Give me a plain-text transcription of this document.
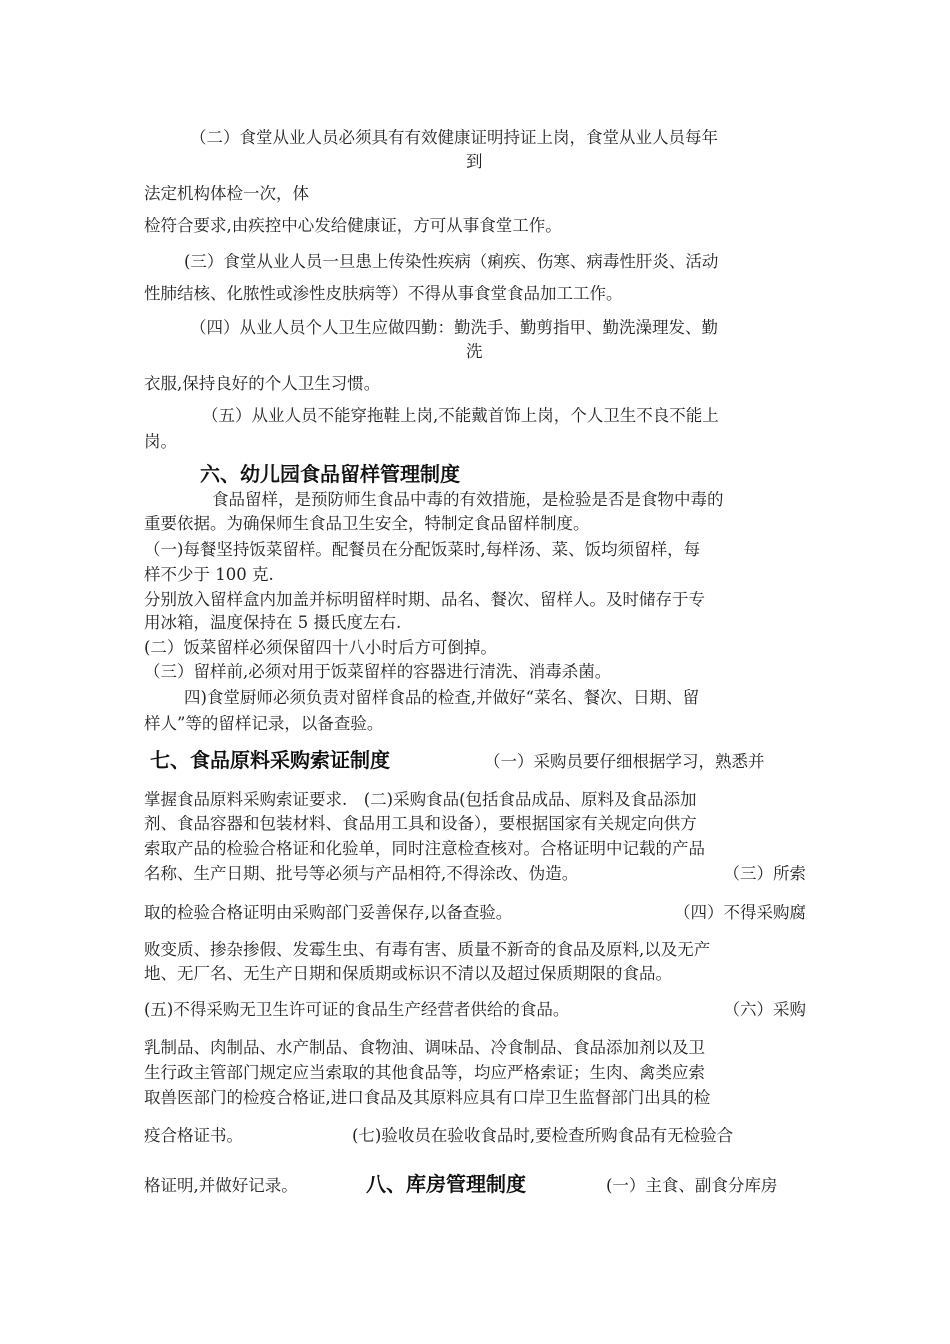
（二）食堂从业人员必须具有有效健康证明持证上岗，食堂从业人员每年

到

法定机构体检一次，体

检符合要求,由疾控中心发给健康证，方可从事食堂工作。

(三）食堂从业人员一旦患上传染性疾病（痢疾、伤寒、病毒性肝炎、活动

性肺结核、化脓性或渗性皮肤病等）不得从事食堂食品加工工作。

（四）从业人员个人卫生应做四勤：勤洗手、勤剪指甲、勤洗澡理发、勤

洗

衣服,保持良好的个人卫生习惯。

（五）从业人员不能穿拖鞋上岗,不能戴首饰上岗，个人卫生不良不能上

岗。

六、幼儿园食品留样管理制度

食品留样，是预防师生食品中毒的有效措施，是检验是否是食物中毒的

重要依据。为确保师生食品卫生安全，特制定食品留样制度。

（一)每餐坚持饭菜留样。配餐员在分配饭菜时,每样汤、菜、饭均须留样，每

样不少于 100 克.

分别放入留样盒内加盖并标明留样时期、品名、餐次、留样人。及时储存于专

用冰箱，温度保持在 5 摄氏度左右.

(二）饭菜留样必须保留四十八小时后方可倒掉。

（三）留样前,必须对用于饭菜留样的容器进行清洗、消毒杀菌。

四)食堂厨师必须负责对留样食品的检查,并做好“菜名、餐次、日期、留

样人”等的留样记录，以备查验。

七、食品原料采购索证制度	（一）采购员要仔细根据学习，熟悉并

掌握食品原料采购索证要求.　(二)采购食品(包括食品成品、原料及食品添加

剂、食品容器和包装材料、食品用工具和设备），要根据国家有关规定向供方

索取产品的检验合格证和化验单，同时注意检查核对。合格证明中记载的产品

名称、生产日期、批号等必须与产品相符,不得涂改、伪造。	（三）所索
取的检验合格证明由采购部门妥善保存,以备查验。	（四）不得采购腐

败变质、掺杂掺假、发霉生虫、有毒有害、质量不新奇的食品及原料,以及无产

地、无厂名、无生产日期和保质期或标识不清以及超过保质期限的食品。

(五)不得采购无卫生许可证的食品生产经营者供给的食品。	（六）采购

乳制品、肉制品、水产制品、食物油、调味品、冷食制品、食品添加剂以及卫

生行政主管部门规定应当索取的其他食品等，均应严格索证；生肉、禽类应索

取兽医部门的检疫合格证,进口食品及其原料应具有口岸卫生监督部门出具的检

疫合格证书。	(七)验收员在验收食品时,要检查所购食品有无检验合

格证明,并做好记录。	八、库房管理制度	(一）主食、副食分库房
